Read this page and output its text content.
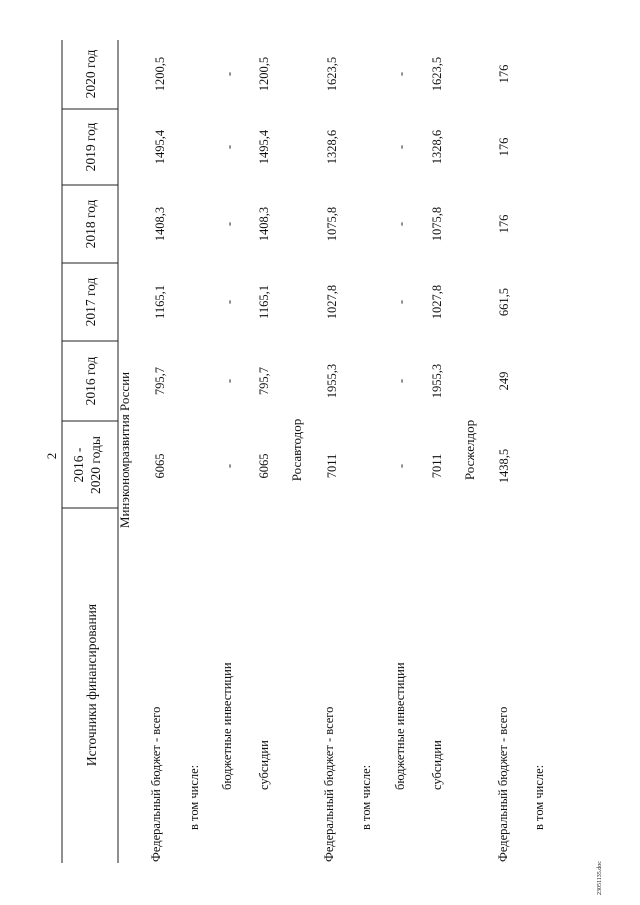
2
Источники финансирования
2016 - 2020 годы
2016 год
2017 год
2018 год
2019 год
2020 год
Минэкономразвития России
Федеральный бюджет - всего
6065
795,7
1165,1
1408,3
1495,4
1200,5
в том числе:
бюджетные инвестиции
-
-
-
-
-
-
субсидии
6065
795,7
1165,1
1408,3
1495,4
1200,5
Росавтодор
Федеральный бюджет - всего
7011
1955,3
1027,8
1075,8
1328,6
1623,5
в том числе:
бюджетные инвестиции
-
-
-
-
-
-
субсидии
7011
1955,3
1027,8
1075,8
1328,6
1623,5
Росжелдор
Федеральный бюджет - всего
1438,5
249
661,5
176
176
176
в том числе:
23051135.doc
